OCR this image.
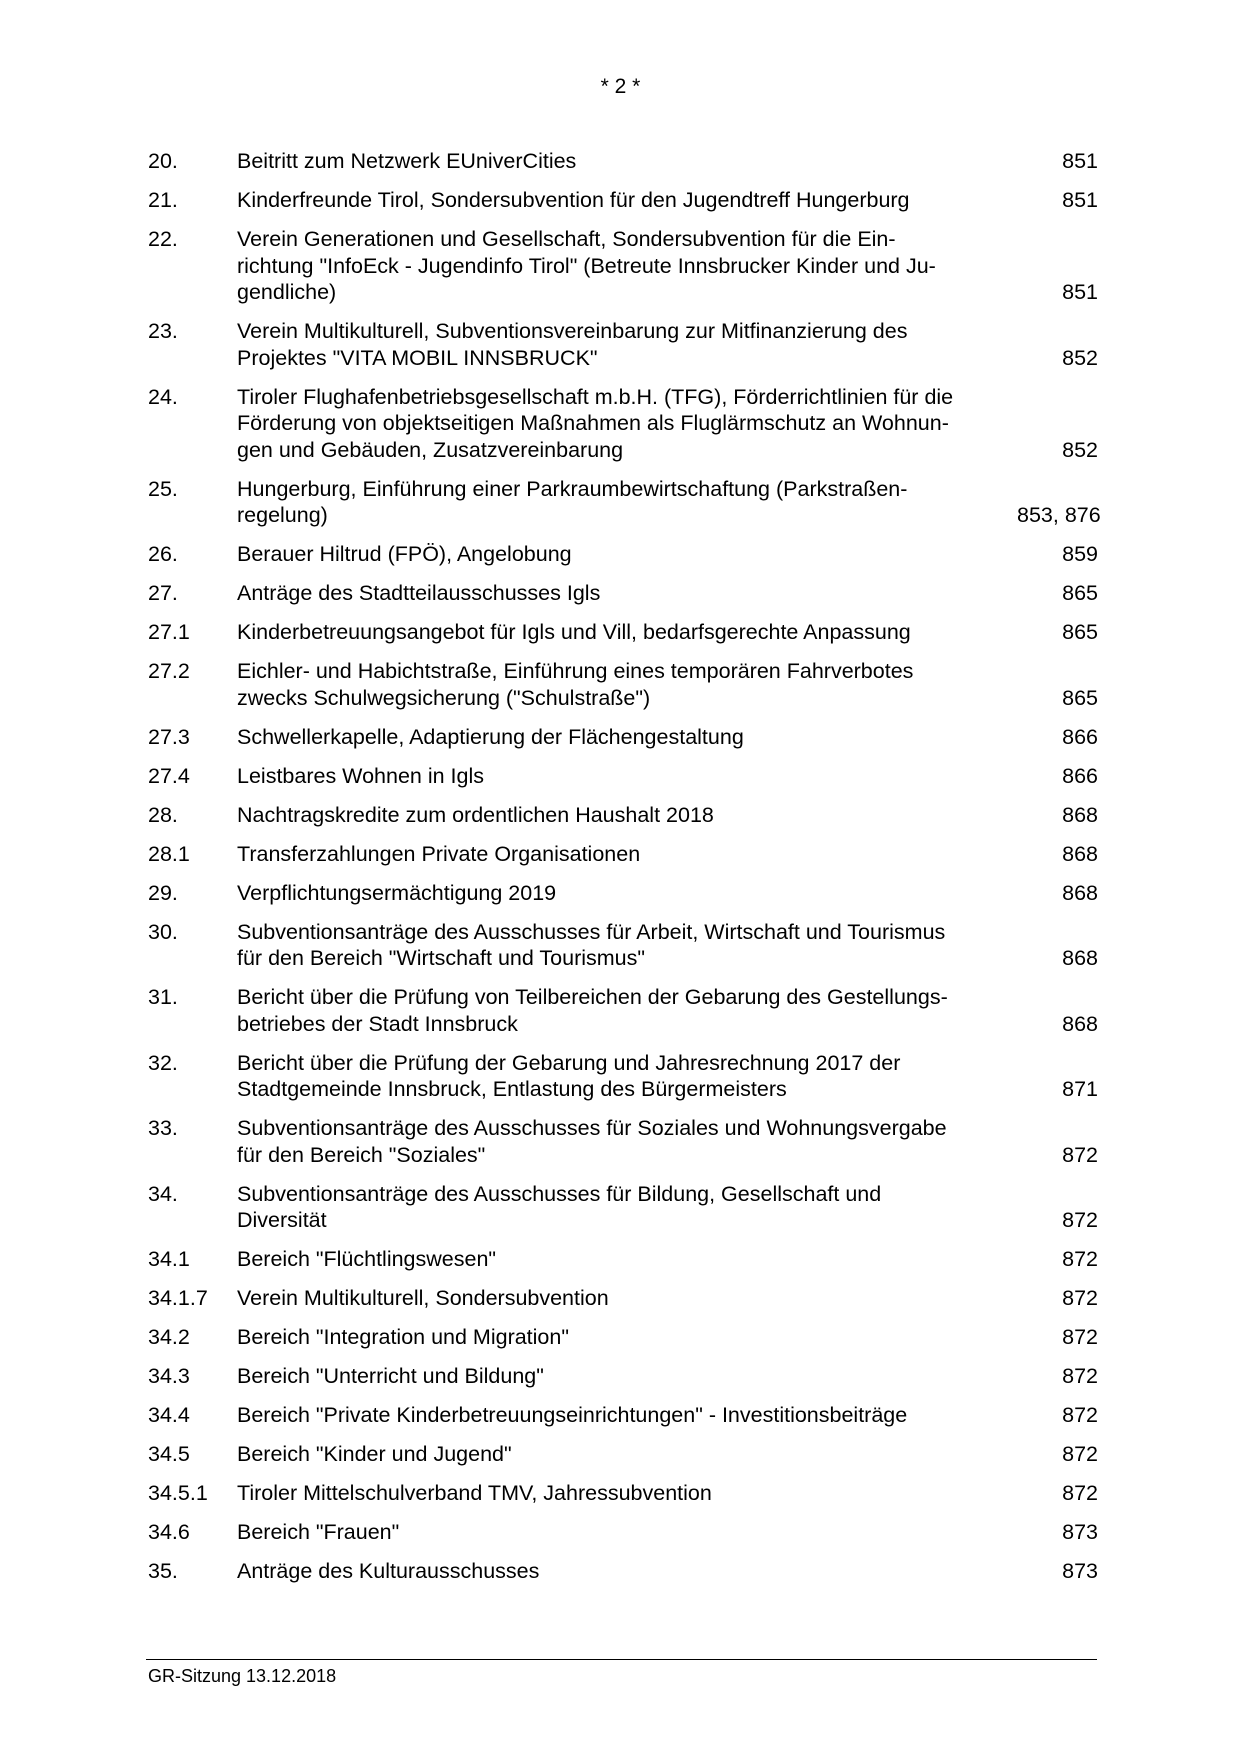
* 2 *
20.	Beitritt zum Netzwerk EUniverCities	851
21.	Kinderfreunde Tirol, Sondersubvention für den Jugendtreff Hungerburg	851
22.	Verein Generationen und Gesellschaft, Sondersubvention für die Ein-
richtung "InfoEck - Jugendinfo Tirol" (Betreute Innsbrucker Kinder und Ju-
gendliche)	851
23.	Verein Multikulturell, Subventionsvereinbarung zur Mitfinanzierung des
Projektes "VITA MOBIL INNSBRUCK"	852
24.	Tiroler Flughafenbetriebsgesellschaft m.b.H. (TFG), Förderrichtlinien für die
Förderung von objektseitigen Maßnahmen als Fluglärmschutz an Wohnun-
gen und Gebäuden, Zusatzvereinbarung	852
25.	Hungerburg, Einführung einer Parkraumbewirtschaftung (Parkstraßen-
regelung)	853, 876
26.	Berauer Hiltrud (FPÖ), Angelobung	859
27.	Anträge des Stadtteilausschusses Igls	865
27.1	Kinderbetreuungsangebot für Igls und Vill, bedarfsgerechte Anpassung	865
27.2	Eichler- und Habichtstraße, Einführung eines temporären Fahrverbotes
zwecks Schulwegsicherung ("Schulstraße")	865
27.3	Schwellerkapelle, Adaptierung der Flächengestaltung	866
27.4	Leistbares Wohnen in Igls	866
28.	Nachtragskredite zum ordentlichen Haushalt 2018	868
28.1	Transferzahlungen Private Organisationen	868
29.	Verpflichtungsermächtigung 2019	868
30.	Subventionsanträge des Ausschusses für Arbeit, Wirtschaft und Tourismus
für den Bereich "Wirtschaft und Tourismus"	868
31.	Bericht über die Prüfung von Teilbereichen der Gebarung des Gestellungs-
betriebes der Stadt Innsbruck	868
32.	Bericht über die Prüfung der Gebarung und Jahresrechnung 2017 der
Stadtgemeinde Innsbruck, Entlastung des Bürgermeisters	871
33.	Subventionsanträge des Ausschusses für Soziales und Wohnungsvergabe
für den Bereich "Soziales"	872
34.	Subventionsanträge des Ausschusses für Bildung, Gesellschaft und
Diversität	872
34.1	Bereich "Flüchtlingswesen"	872
34.1.7	Verein Multikulturell, Sondersubvention	872
34.2	Bereich "Integration und Migration"	872
34.3	Bereich "Unterricht und Bildung"	872
34.4	Bereich "Private Kinderbetreuungseinrichtungen" - Investitionsbeiträge	872
34.5	Bereich "Kinder und Jugend"	872
34.5.1	Tiroler Mittelschulverband TMV, Jahressubvention	872
34.6	Bereich "Frauen"	873
35.	Anträge des Kulturausschusses	873
GR-Sitzung 13.12.2018
